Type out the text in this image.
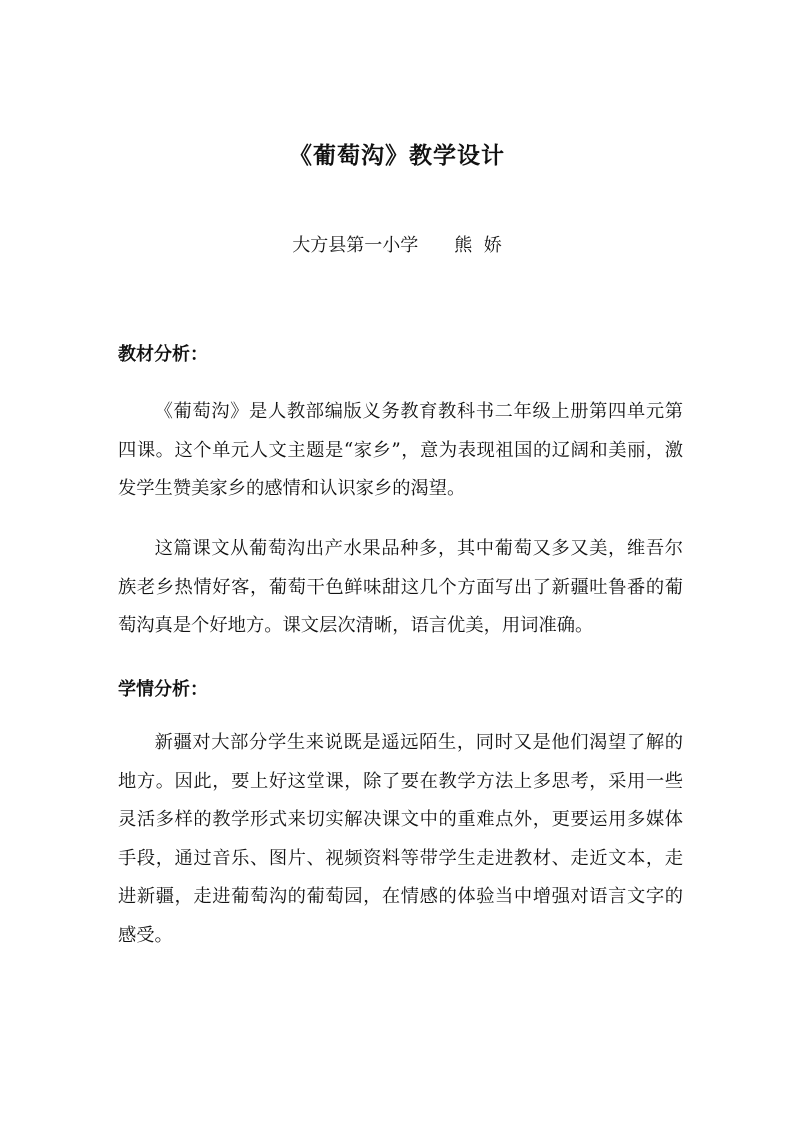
《葡萄沟》教学设计
大方县第一小学 熊  娇
教材分析：

《葡萄沟》是人教部编版义务教育教科书二年级上册第四单元第四课。这个单元人文主题是“家乡”，意为表现祖国的辽阔和美丽，激发学生赞美家乡的感情和认识家乡的渴望。

这篇课文从葡萄沟出产水果品种多，其中葡萄又多又美，维吾尔族老乡热情好客，葡萄干色鲜味甜这几个方面写出了新疆吐鲁番的葡萄沟真是个好地方。课文层次清晰，语言优美，用词准确。

学情分析：

新疆对大部分学生来说既是遥远陌生，同时又是他们渴望了解的地方。因此，要上好这堂课，除了要在教学方法上多思考，采用一些灵活多样的教学形式来切实解决课文中的重难点外，更要运用多媒体手段，通过音乐、图片、视频资料等带学生走进教材、走近文本，走进新疆，走进葡萄沟的葡萄园，在情感的体验当中增强对语言文字的感受。
